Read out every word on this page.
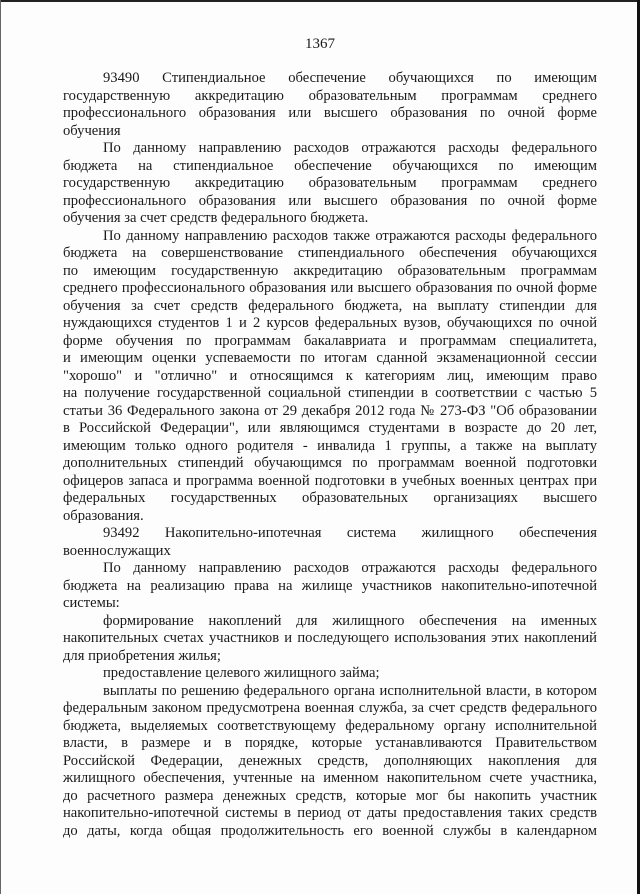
1367
93490 Стипендиальное обеспечение обучающихся по имеющим
государственную аккредитацию образовательным программам среднего
профессионального образования или высшего образования по очной форме
обучения
По данному направлению расходов отражаются расходы федерального
бюджета на стипендиальное обеспечение обучающихся по имеющим
государственную аккредитацию образовательным программам среднего
профессионального образования или высшего образования по очной форме
обучения за счет средств федерального бюджета.
По данному направлению расходов также отражаются расходы федерального
бюджета на совершенствование стипендиального обеспечения обучающихся
по имеющим государственную аккредитацию образовательным программам
среднего профессионального образования или высшего образования по очной форме
обучения за счет средств федерального бюджета, на выплату стипендии для
нуждающихся студентов 1 и 2 курсов федеральных вузов, обучающихся по очной
форме обучения по программам бакалавриата и программам специалитета,
и имеющим оценки успеваемости по итогам сданной экзаменационной сессии
"хорошо" и "отлично" и относящимся к категориям лиц, имеющим право
на получение государственной социальной стипендии в соответствии с частью 5
статьи 36 Федерального закона от 29 декабря 2012 года № 273-ФЗ "Об образовании
в Российской Федерации", или являющимся студентами в возрасте до 20 лет,
имеющим только одного родителя - инвалида 1 группы, а также на выплату
дополнительных стипендий обучающимся по программам военной подготовки
офицеров запаса и программа военной подготовки в учебных военных центрах при
федеральных государственных образовательных организациях высшего
образования.
93492 Накопительно-ипотечная система жилищного обеспечения
военнослужащих
По данному направлению расходов отражаются расходы федерального
бюджета на реализацию права на жилище участников накопительно-ипотечной
системы:
формирование накоплений для жилищного обеспечения на именных
накопительных счетах участников и последующего использования этих накоплений
для приобретения жилья;
предоставление целевого жилищного займа;
выплаты по решению федерального органа исполнительной власти, в котором
федеральным законом предусмотрена военная служба, за счет средств федерального
бюджета, выделяемых соответствующему федеральному органу исполнительной
власти, в размере и в порядке, которые устанавливаются Правительством
Российской Федерации, денежных средств, дополняющих накопления для
жилищного обеспечения, учтенные на именном накопительном счете участника,
до расчетного размера денежных средств, которые мог бы накопить участник
накопительно-ипотечной системы в период от даты предоставления таких средств
до даты, когда общая продолжительность его военной службы в календарном
